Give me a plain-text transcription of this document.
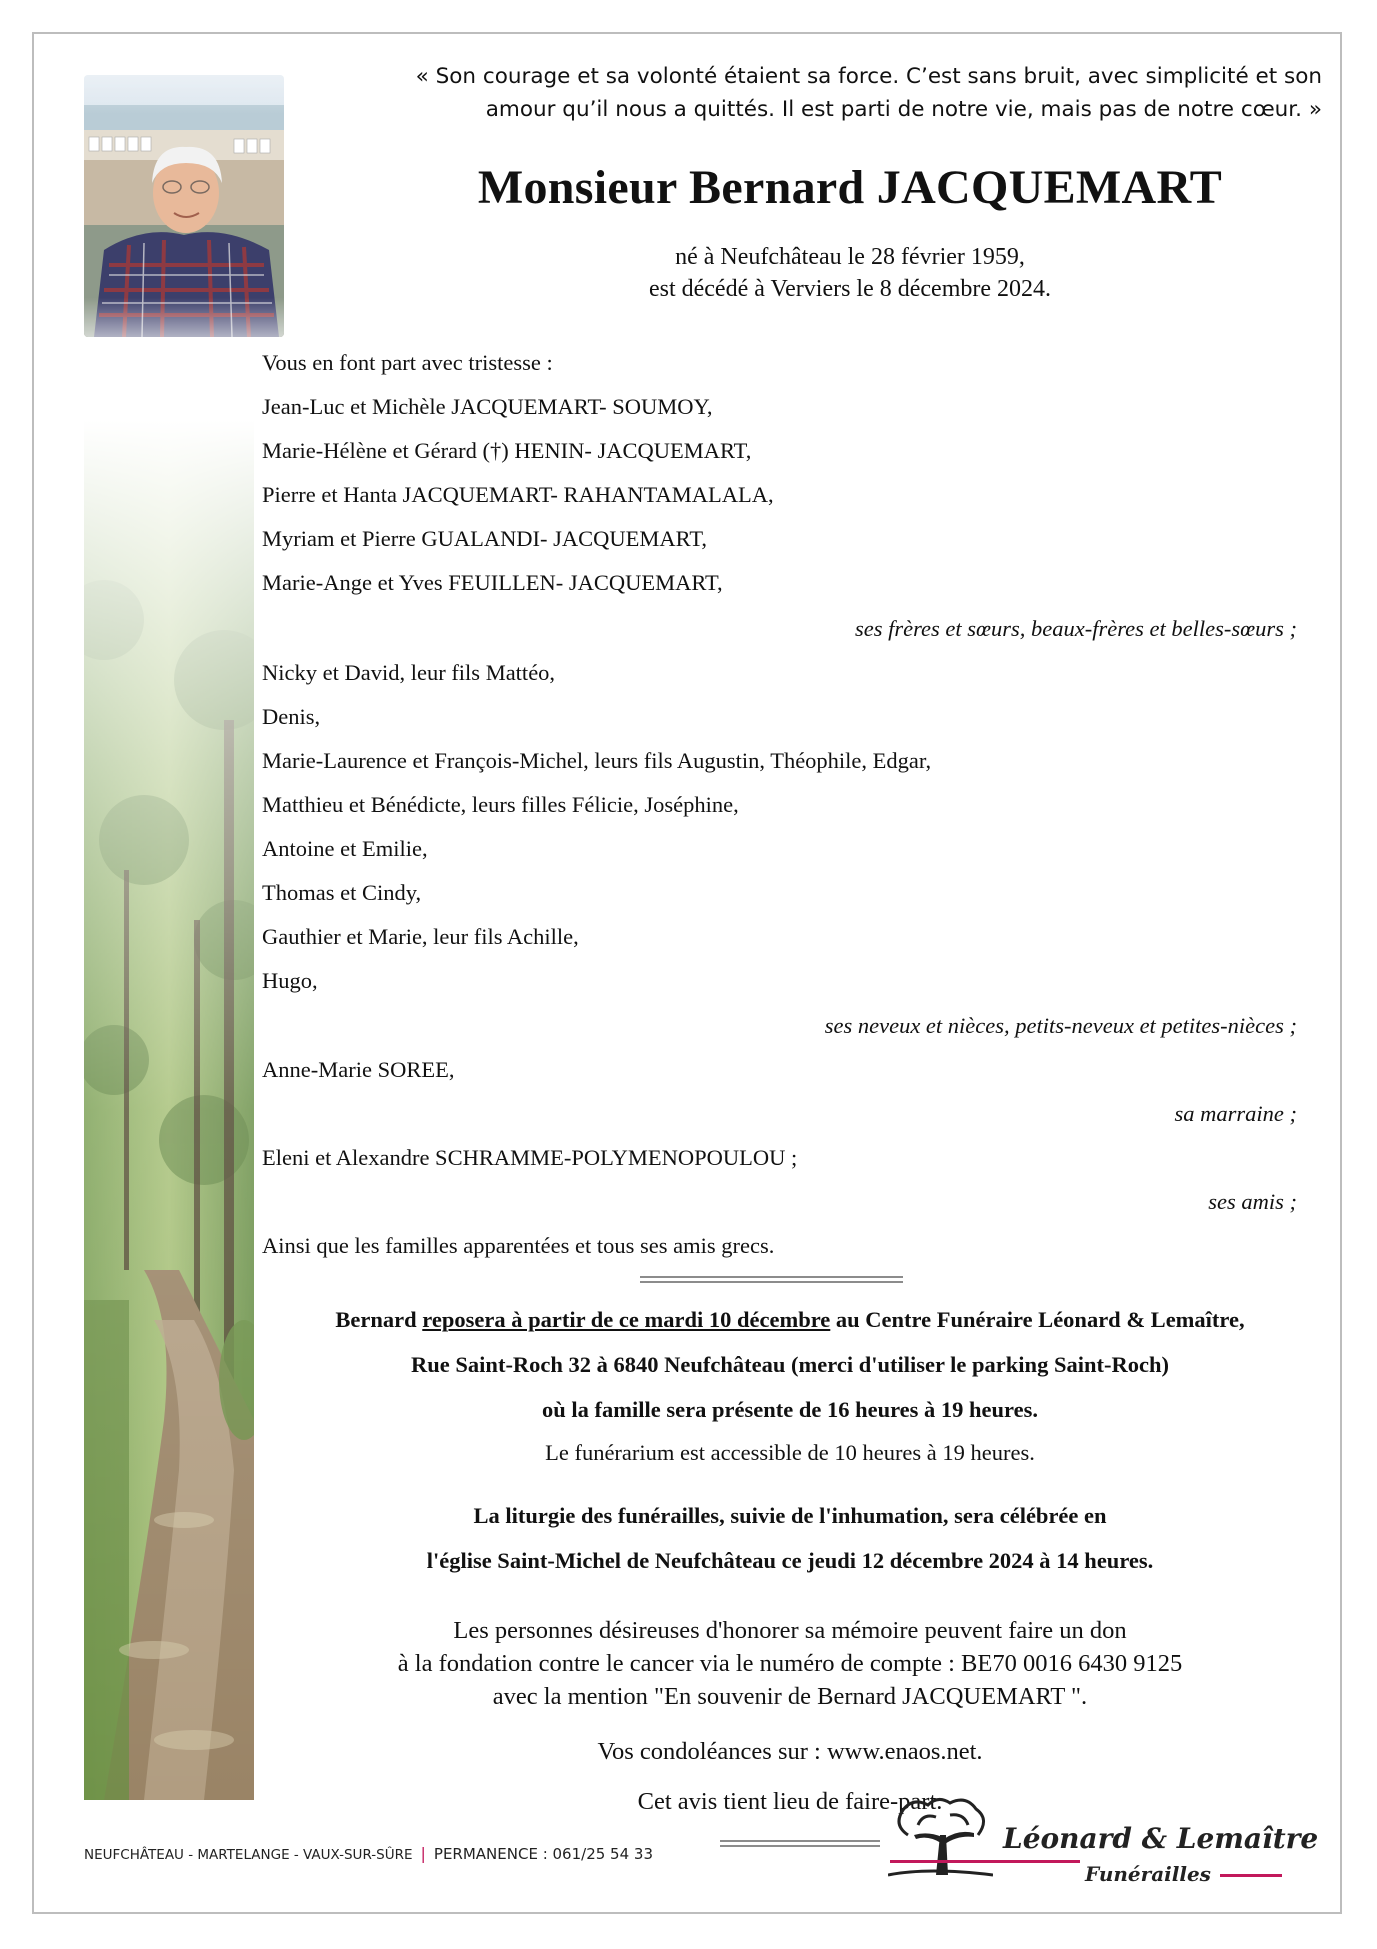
« Son courage et sa volonté étaient sa force. C’est sans bruit, avec simplicité et son
amour qu’il nous a quittés. Il est parti de notre vie, mais pas de notre cœur. »
Monsieur Bernard JACQUEMART
né à Neufchâteau le 28 février 1959,
est décédé à Verviers le 8 décembre 2024.
Vous en font part avec tristesse :
Jean-Luc et Michèle JACQUEMART- SOUMOY,
Marie-Hélène et Gérard (†) HENIN- JACQUEMART,
Pierre et Hanta JACQUEMART- RAHANTAMALALA,
Myriam et Pierre GUALANDI- JACQUEMART,
Marie-Ange et Yves FEUILLEN- JACQUEMART,
ses frères et sœurs, beaux-frères et belles-sœurs ;
Nicky et David, leur fils Mattéo,
Denis,
Marie-Laurence et François-Michel, leurs fils Augustin, Théophile, Edgar,
Matthieu et Bénédicte, leurs filles Félicie, Joséphine,
Antoine et Emilie,
Thomas et Cindy,
Gauthier et Marie, leur fils Achille,
Hugo,
ses neveux et nièces, petits-neveux et petites-nièces ;
Anne-Marie SOREE,
sa marraine ;
Eleni et Alexandre SCHRAMME-POLYMENOPOULOU ;
ses amis ;
Ainsi que les familles apparentées et tous ses amis grecs.
Bernard reposera à partir de ce mardi 10 décembre au Centre Funéraire Léonard & Lemaître,
Rue Saint-Roch 32 à 6840 Neufchâteau (merci d'utiliser le parking Saint-Roch)
où la famille sera présente de 16 heures à 19 heures.
Le funérarium est accessible de 10 heures à 19 heures.
La liturgie des funérailles, suivie de l'inhumation, sera célébrée en
l'église Saint-Michel de Neufchâteau ce jeudi 12 décembre 2024 à 14 heures.
Les personnes désireuses d'honorer sa mémoire peuvent faire un don
à la fondation contre le cancer via le numéro de compte : BE70 0016 6430 9125
avec la mention "En souvenir de Bernard JACQUEMART ".
Vos condoléances sur : www.enaos.net.
Cet avis tient lieu de faire-part.
NEUFCHÂTEAU - MARTELANGE - VAUX-SUR-SÛRE | PERMANENCE : 061/25 54 33	Léonard & Lemaître
Funérailles
